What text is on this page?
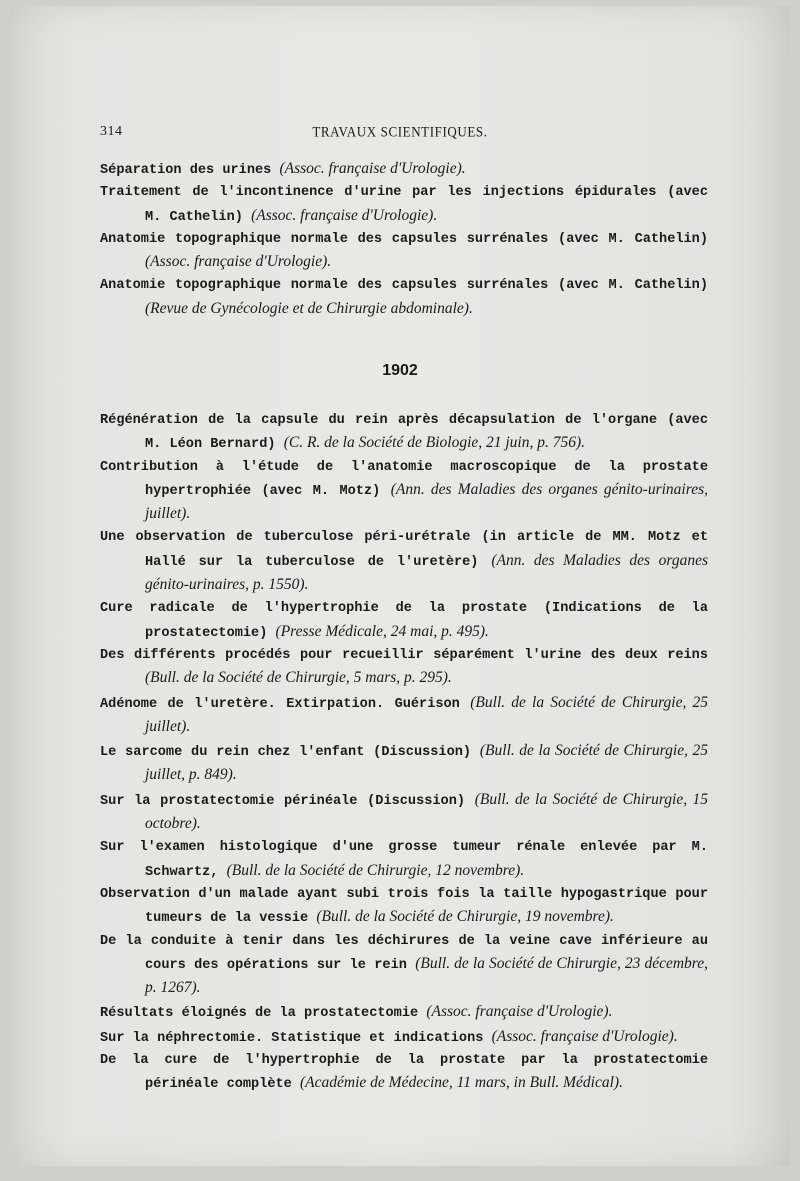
314	TRAVAUX SCIENTIFIQUES.

Séparation des urines (Assoc. française d'Urologie).

Traitement de l'incontinence d'urine par les injections épidurales (avec M. Cathelin) (Assoc. française d'Urologie).

Anatomie topographique normale des capsules surrénales (avec M. Cathelin) (Assoc. française d'Urologie).

Anatomie topographique normale des capsules surrénales (avec M. Cathelin) (Revue de Gynécologie et de Chirurgie abdominale).

1902

Régénération de la capsule du rein après décapsulation de l'organe (avec M. Léon Bernard) (C. R. de la Société de Biologie, 21 juin, p. 756).

Contribution à l'étude de l'anatomie macroscopique de la prostate hypertrophiée (avec M. Motz) (Ann. des Maladies des organes génito-urinaires, juillet).

Une observation de tuberculose péri-urétrale (in article de MM. Motz et Hallé sur la tuberculose de l'uretère) (Ann. des Maladies des organes génito-urinaires, p. 1550).

Cure radicale de l'hypertrophie de la prostate (Indications de la prostatectomie) (Presse Médicale, 24 mai, p. 495).

Des différents procédés pour recueillir séparément l'urine des deux reins (Bull. de la Société de Chirurgie, 5 mars, p. 295).

Adénome de l'uretère. Extirpation. Guérison (Bull. de la Société de Chirurgie, 25 juillet).

Le sarcome du rein chez l'enfant (Discussion) (Bull. de la Société de Chirurgie, 25 juillet, p. 849).

Sur la prostatectomie périnéale (Discussion) (Bull. de la Société de Chirurgie, 15 octobre).

Sur l'examen histologique d'une grosse tumeur rénale enlevée par M. Schwartz, (Bull. de la Société de Chirurgie, 12 novembre).

Observation d'un malade ayant subi trois fois la taille hypogastrique pour tumeurs de la vessie (Bull. de la Société de Chirurgie, 19 novembre).

De la conduite à tenir dans les déchirures de la veine cave inférieure au cours des opérations sur le rein (Bull. de la Société de Chirurgie, 23 décembre, p. 1267).

Résultats éloignés de la prostatectomie (Assoc. française d'Urologie).

Sur la néphrectomie. Statistique et indications (Assoc. française d'Urologie).

De la cure de l'hypertrophie de la prostate par la prostatectomie périnéale complète (Académie de Médecine, 11 mars, in Bull. Médical).
